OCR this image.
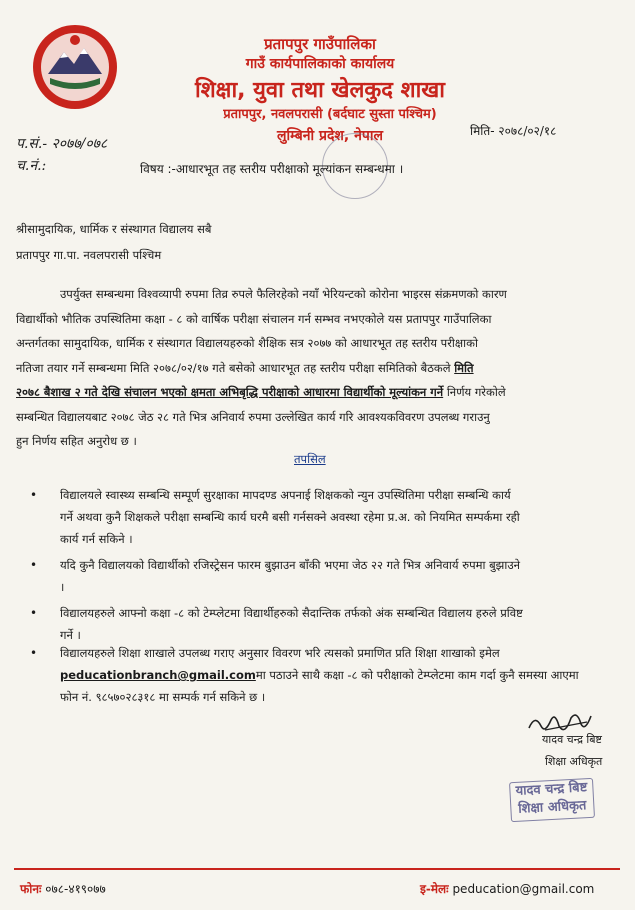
प्रतापपुर गाउँपालिका
गाउँ कार्यपालिकाको कार्यालय
शिक्षा, युवा तथा खेलकुद शाखा
प्रतापपुर, नवलपरासी (बर्दघाट सुस्ता पश्चिम)
लुम्बिनी प्रदेश, नेपाल	मिति- २०७८/०२/१८
प.सं.- २०७७/०७८
च.नं.:	विषय :-आधारभूत तह स्तरीय परीक्षाको मूल्यांकन सम्बन्धमा ।
श्रीसामुदायिक, धार्मिक र संस्थागत विद्यालय सबै
प्रतापपुर गा.पा. नवलपरासी पश्चिम
उपर्युक्त सम्बन्धमा विश्वव्यापी रुपमा तिव्र रुपले फैलिरहेको नयाँ भेरियन्टको कोरोना भाइरस संक्रमणको कारण
विद्यार्थीको भौतिक उपस्थितिमा कक्षा - ८ को वार्षिक परीक्षा संचालन गर्न सम्भव नभएकोले यस प्रतापपुर गाउँपालिका
अन्तर्गतका सामुदायिक, धार्मिक र संस्थागत विद्यालयहरुको शैक्षिक सत्र २०७७ को आधारभूत तह स्तरीय परीक्षाको
नतिजा तयार गर्ने सम्बन्धमा मिति २०७८/०२/१७ गते बसेको आधारभूत तह स्तरीय परीक्षा समितिको बैठकले मिति
२०७८ बैशाख २ गते देखि संचालन भएको क्षमता अभिबृद्धि परीक्षाको आधारमा विद्यार्थीको मूल्यांकन गर्ने निर्णय गरेकोले
सम्बन्धित विद्यालयबाट २०७८ जेठ २८ गते भित्र अनिवार्य रुपमा उल्लेखित कार्य गरि आवश्यकविवरण उपलब्ध गराउनु
हुन निर्णय सहित अनुरोध छ ।
तपसिल
•	विद्यालयले स्वास्थ्य सम्बन्धि सम्पूर्ण सुरक्षाका मापदण्ड अपनाई शिक्षकको न्युन उपस्थितिमा परीक्षा सम्बन्धि कार्य
गर्ने अथवा कुनै शिक्षकले परीक्षा सम्बन्धि कार्य घरमै बसी गर्नसक्ने अवस्था रहेमा प्र.अ. को नियमित सम्पर्कमा रही
कार्य गर्न सकिने ।
•	यदि कुनै विद्यालयको विद्यार्थीको रजिस्ट्रेसन फारम बुझाउन बाँकी भएमा जेठ २२ गते भित्र अनिवार्य रुपमा बुझाउने
।
•	विद्यालयहरुले आफ्नो कक्षा -८ को टेम्प्लेटमा विद्यार्थीहरुको सैदान्तिक तर्फको अंक सम्बन्धित विद्यालय हरुले प्रविष्ट
गर्ने ।
•	विद्यालयहरुले शिक्षा शाखाले उपलब्ध गराए अनुसार विवरण भरि त्यसको प्रमाणित प्रति शिक्षा शाखाको इमेल
peducationbranch@gmail.comमा पठाउने साथै कक्षा -८ को परीक्षाको टेम्प्लेटमा काम गर्दा कुनै समस्या आएमा
फोन नं. ९८५७०२८३१८ मा सम्पर्क गर्न सकिने छ ।
यादव चन्द्र बिष्ट
शिक्षा अधिकृत
यादव चन्द्र बिष्ट
शिक्षा अधिकृत
फोनः ०७८-४१९०७७	इ-मेलः peducation@gmail.com
